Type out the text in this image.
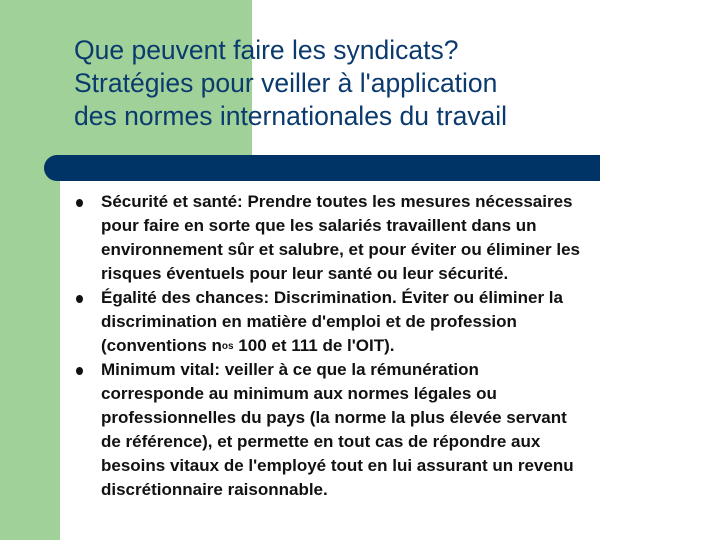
Que peuvent faire les syndicats?
Stratégies pour veiller à l'application
des normes internationales du travail
Sécurité et santé: Prendre toutes les mesures nécessaires
pour faire en sorte que les salariés travaillent dans un
environnement sûr et salubre, et pour éviter ou éliminer les
risques éventuels pour leur santé ou leur sécurité.
Égalité des chances: Discrimination. Éviter ou éliminer la
discrimination en matière d'emploi et de profession
(conventions $n^{os}$ 100 et 111 de l'OIT).
Minimum vital: veiller à ce que la rémunération
corresponde au minimum aux normes légales ou
professionnelles du pays (la norme la plus élevée servant
de référence), et permette en tout cas de répondre aux
besoins vitaux de l'employé tout en lui assurant un revenu
discrétionnaire raisonnable.
